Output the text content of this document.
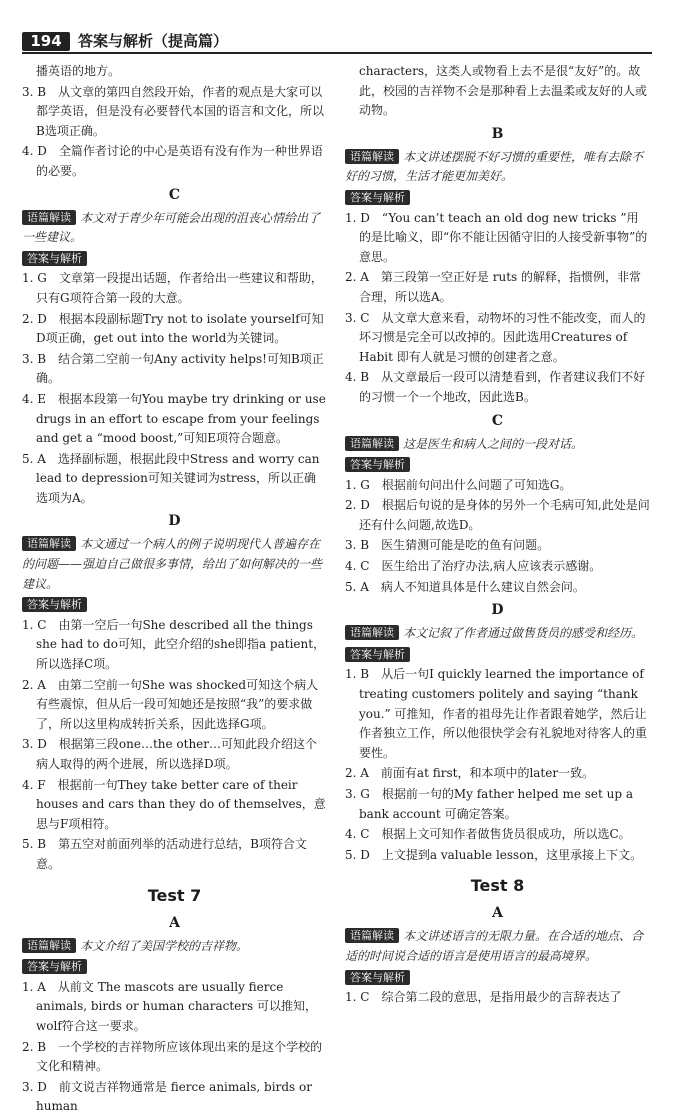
194	答案与解析（提高篇）
播英语的地方。
3. B　从文章的第四自然段开始，作者的观点是大家可以都学英语，但是没有必要替代本国的语言和文化，所以B选项正确。
4. D　全篇作者讨论的中心是英语有没有作为一种世界语的必要。
C
语篇解读 本文对于青少年可能会出现的沮丧心情给出了一些建议。
答案与解析
1. G　文章第一段提出话题，作者给出一些建议和帮助，只有G项符合第一段的大意。
2. D　根据本段副标题Try not to isolate yourself可知D项正确，get out into the world为关键词。
3. B　结合第二空前一句Any activity helps!可知B项正确。
4. E　根据本段第一句You maybe try drinking or use drugs in an effort to escape from your feelings and get a “mood boost,”可知E项符合题意。
5. A　选择副标题，根据此段中Stress and worry can lead to depression可知关键词为stress，所以正确选项为A。
D
语篇解读 本文通过一个病人的例子说明现代人普遍存在的问题——强迫自己做很多事情，给出了如何解决的一些建议。
答案与解析
1. C　由第一空后一句She described all the things she had to do可知，此空介绍的she即指a patient，所以选择C项。
2. A　由第二空前一句She was shocked可知这个病人有些震惊，但从后一段可知她还是按照“我”的要求做了，所以这里构成转折关系，因此选择G项。
3. D　根据第三段one…the other…可知此段介绍这个病人取得的两个进展，所以选择D项。
4. F　根据前一句They take better care of their houses and cars than they do of themselves，意思与F项相符。
5. B　第五空对前面列举的活动进行总结，B项符合文意。
Test 7
A
语篇解读 本文介绍了美国学校的吉祥物。
答案与解析
1. A　从前文 The mascots are usually fierce animals, birds or human characters 可以推知，wolf符合这一要求。
2. B　一个学校的吉祥物所应该体现出来的是这个学校的文化和精神。
3. D　前文说吉祥物通常是 fierce animals, birds or human
characters，这类人或物看上去不是很“友好”的。故此，校园的吉祥物不会是那种看上去温柔或友好的人或动物。
B
语篇解读 本文讲述摆脱不好习惯的重要性，唯有去除不好的习惯，生活才能更加美好。
答案与解析
1. D　“You can’t teach an old dog new tricks ”用的是比喻义，即“你不能让因循守旧的人接受新事物”的意思。
2. A　第三段第一空正好是 ruts 的解释，指惯例，非常合理，所以选A。
3. C　从文章大意来看，动物坏的习性不能改变，而人的坏习惯是完全可以改掉的。因此选用Creatures of Habit 即有人就是习惯的创建者之意。
4. B　从文章最后一段可以清楚看到，作者建议我们不好的习惯一个一个地改，因此选B。
C
语篇解读 这是医生和病人之间的一段对话。
答案与解析
1. G　根据前句问出什么问题了可知选G。
2. D　根据后句说的是身体的另外一个毛病可知,此处是问还有什么问题,故选D。
3. B　医生猜测可能是吃的鱼有问题。
4. C　医生给出了治疗办法,病人应该表示感谢。
5. A　病人不知道具体是什么建议自然会问。
D
语篇解读 本文记叙了作者通过做售货员的感受和经历。
答案与解析
1. B　从后一句I quickly learned the importance of treating customers politely and saying “thank you.” 可推知，作者的祖母先让作者跟着她学，然后让作者独立工作，所以他很快学会有礼貌地对待客人的重要性。
2. A　前面有at first，和本项中的later一致。
3. G　根据前一句的My father helped me set up a bank account 可确定答案。
4. C　根据上文可知作者做售货员很成功，所以选C。
5. D　上文提到a valuable lesson，这里承接上下文。
Test 8
A
语篇解读 本文讲述语言的无限力量。在合适的地点、合适的时间说合适的语言是使用语言的最高境界。
答案与解析
1. C　综合第二段的意思，是指用最少的言辞表达了
